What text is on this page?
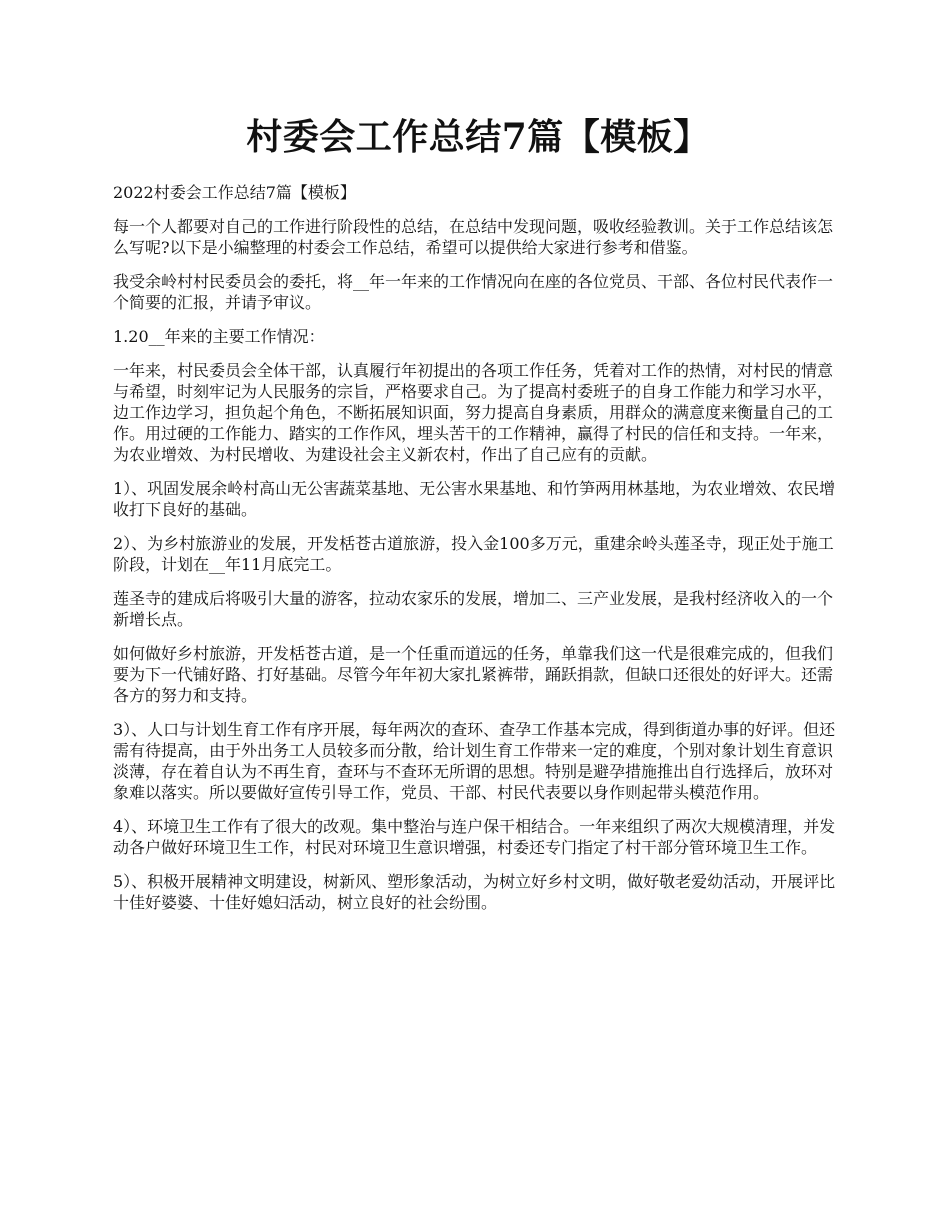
村委会工作总结7篇【模板】

2022村委会工作总结7篇【模板】

每一个人都要对自己的工作进行阶段性的总结，在总结中发现问题，吸收经验教训。关于工作总结该怎么写呢?以下是小编整理的村委会工作总结，希望可以提供给大家进行参考和借鉴。

我受余岭村村民委员会的委托，将__年一年来的工作情况向在座的各位党员、干部、各位村民代表作一个简要的汇报，并请予审议。

1.20__年来的主要工作情况：

一年来，村民委员会全体干部，认真履行年初提出的各项工作任务，凭着对工作的热情，对村民的情意与希望，时刻牢记为人民服务的宗旨，严格要求自己。为了提高村委班子的自身工作能力和学习水平，边工作边学习，担负起个角色，不断拓展知识面，努力提高自身素质，用群众的满意度来衡量自己的工作。用过硬的工作能力、踏实的工作作风，埋头苦干的工作精神，赢得了村民的信任和支持。一年来，为农业增效、为村民增收、为建设社会主义新农村，作出了自己应有的贡献。

1）、巩固发展余岭村高山无公害蔬菜基地、无公害水果基地、和竹笋两用林基地，为农业增效、农民增收打下良好的基础。

2）、为乡村旅游业的发展，开发栝苍古道旅游，投入金100多万元，重建余岭头莲圣寺，现正处于施工阶段，计划在__年11月底完工。

莲圣寺的建成后将吸引大量的游客，拉动农家乐的发展，增加二、三产业发展，是我村经济收入的一个新增长点。

如何做好乡村旅游，开发栝苍古道，是一个任重而道远的任务，单靠我们这一代是很难完成的，但我们要为下一代铺好路、打好基础。尽管今年年初大家扎紧裤带，踊跃捐款，但缺口还很处的好评大。还需各方的努力和支持。

3）、人口与计划生育工作有序开展，每年两次的查环、查孕工作基本完成，得到街道办事的好评。但还需有待提高，由于外出务工人员较多而分散，给计划生育工作带来一定的难度，个别对象计划生育意识淡薄，存在着自认为不再生育，查环与不查环无所谓的思想。特别是避孕措施推出自行选择后，放环对象难以落实。所以要做好宣传引导工作，党员、干部、村民代表要以身作则起带头模范作用。

4）、环境卫生工作有了很大的改观。集中整治与连户保干相结合。一年来组织了两次大规模清理，并发动各户做好环境卫生工作，村民对环境卫生意识增强，村委还专门指定了村干部分管环境卫生工作。

5）、积极开展精神文明建设，树新风、塑形象活动，为树立好乡村文明，做好敬老爱幼活动，开展评比十佳好婆婆、十佳好媳妇活动，树立良好的社会纷围。
